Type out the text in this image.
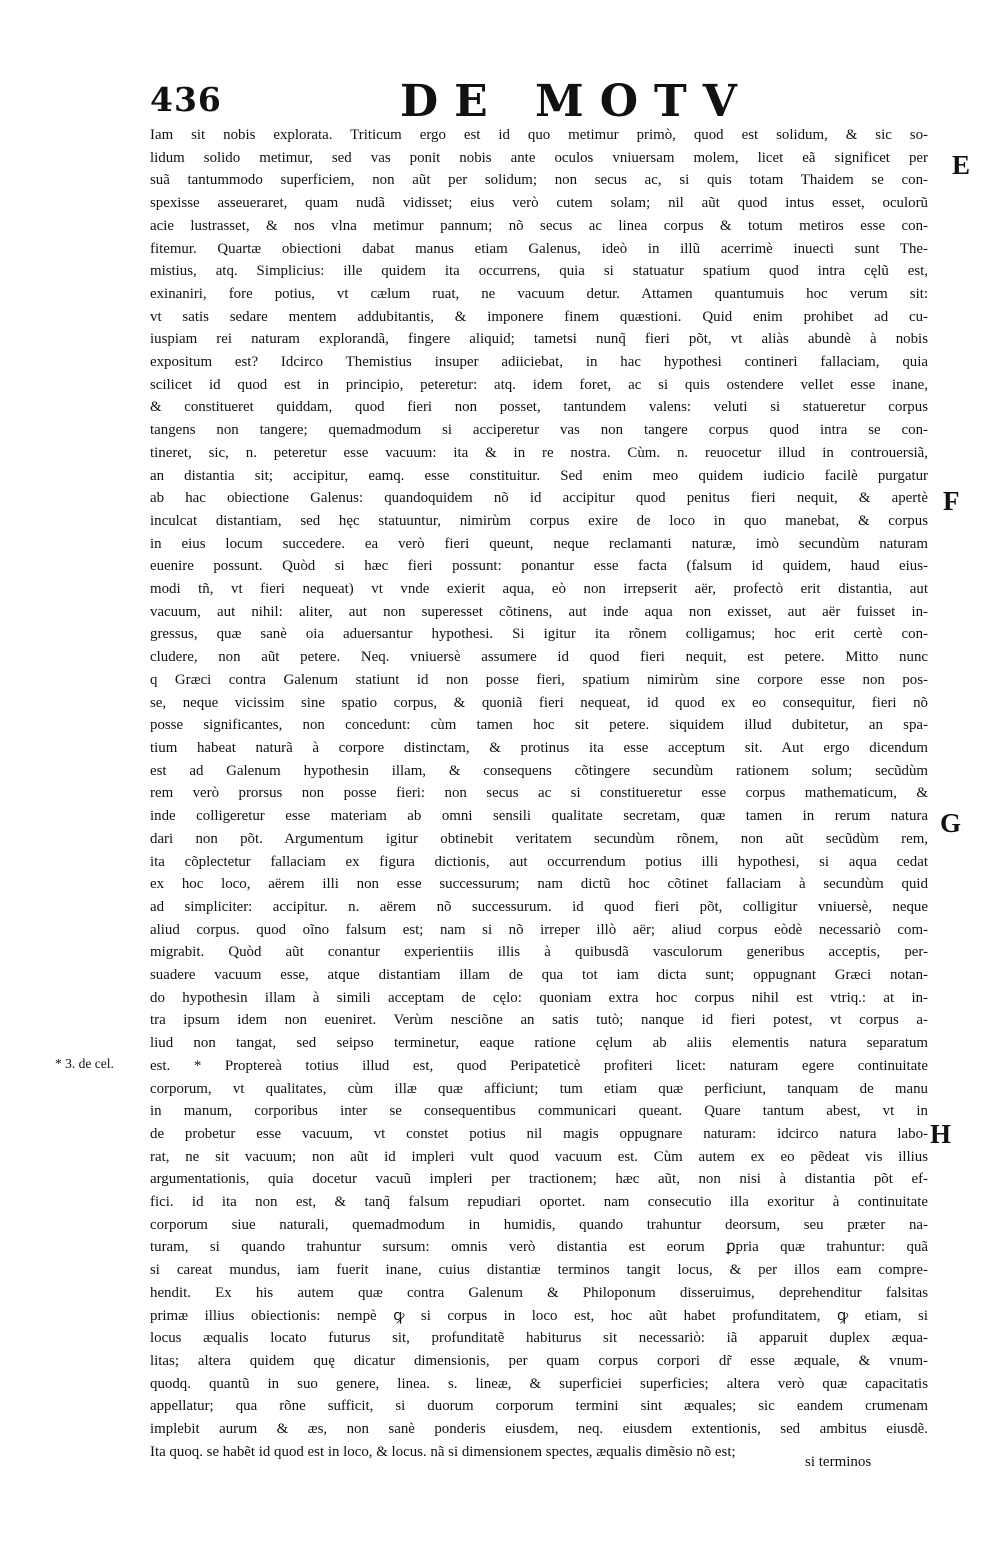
436	DE MOTV
Iam sit nobis explorata. Triticum ergo est id quo metimur primò, quod est solidum, & sic so-
lidum solido metimur, sed vas ponit nobis ante oculos vniuersam molem, licet eã significet per
suã tantummodo superficiem, non aũt per solidum; non secus ac, si quis totam Thaidem se con-
spexisse asseueraret, quam nudã vidisset; eius verò cutem solam; nil aũt quod intus esset, oculorũ
acie lustrasset, & nos vlna metimur pannum; nõ secus ac linea corpus & totum metiros esse con-
fitemur. Quartæ obiectioni dabat manus etiam Galenus, ideò in illũ acerrimè inuecti sunt The-
mistius, atq. Simplicius: ille quidem ita occurrens, quia si statuatur spatium quod intra cęlũ est,
exinaniri, fore potius, vt cælum ruat, ne vacuum detur. Attamen quantumuis hoc verum sit:
vt satis sedare mentem addubitantis, & imponere finem quæstioni. Quid enim prohibet ad cu-
iuspiam rei naturam explorandã, fingere aliquid; tametsi nunq̃ fieri põt, vt aliàs abundè à nobis
expositum est? Idcirco Themistius insuper adiiciebat, in hac hypothesi contineri fallaciam, quia
scilicet id quod est in principio, peteretur: atq. idem foret, ac si quis ostendere vellet esse inane,
& constitueret quiddam, quod fieri non posset, tantundem valens: veluti si statueretur corpus
tangens non tangere; quemadmodum si acciperetur vas non tangere corpus quod intra se con-
tineret, sic, n. peteretur esse vacuum: ita & in re nostra. Cùm. n. reuocetur illud in controuersiã,
an distantia sit; accipitur, eamq. esse constituitur. Sed enim meo quidem iudicio facilè purgatur
ab hac obiectione Galenus: quandoquidem nõ id accipitur quod penitus fieri nequit, & apertè
inculcat distantiam, sed hęc statuuntur, nimirùm corpus exire de loco in quo manebat, & corpus
in eius locum succedere. ea verò fieri queunt, neque reclamanti naturæ, imò secundùm naturam
euenire possunt. Quòd si hæc fieri possunt: ponantur esse facta (falsum id quidem, haud eius-
modi tñ, vt fieri nequeat) vt vnde exierit aqua, eò non irrepserit aër, profectò erit distantia, aut
vacuum, aut nihil: aliter, aut non superesset cõtinens, aut inde aqua non exisset, aut aër fuisset in-
gressus, quæ sanè oia aduersantur hypothesi. Si igitur ita rõnem colligamus; hoc erit certè con-
cludere, non aũt petere. Neq. vniuersè assumere id quod fieri nequit, est petere. Mitto nunc
q Græci contra Galenum statiunt id non posse fieri, spatium nimirùm sine corpore esse non pos-
se, neque vicissim sine spatio corpus, & quoniã fieri nequeat, id quod ex eo consequitur, fieri nõ
posse significantes, non concedunt: cùm tamen hoc sit petere. siquidem illud dubitetur, an spa-
tium habeat naturã à corpore distinctam, & protinus ita esse acceptum sit. Aut ergo dicendum
est ad Galenum hypothesin illam, & consequens cõtingere secundùm rationem solum; secũdùm
rem verò prorsus non posse fieri: non secus ac si constitueretur esse corpus mathematicum, &
inde colligeretur esse materiam ab omni sensili qualitate secretam, quæ tamen in rerum natura
dari non põt. Argumentum igitur obtinebit veritatem secundùm rõnem, non aũt secũdùm rem,
ita cõplectetur fallaciam ex figura dictionis, aut occurrendum potius illi hypothesi, si aqua cedat
ex hoc loco, aërem illi non esse successurum; nam dictũ hoc cõtinet fallaciam à secundùm quid
ad simpliciter: accipitur. n. aërem nõ successurum. id quod fieri põt, colligitur vniuersè, neque
aliud corpus. quod oĩno falsum est; nam si nõ irreper illò aër; aliud corpus eòdè necessariò com-
migrabit. Quòd aũt conantur experientiis illis à quibusdã vasculorum generibus acceptis, per-
suadere vacuum esse, atque distantiam illam de qua tot iam dicta sunt; oppugnant Græci notan-
do hypothesin illam à simili acceptam de cęlo: quoniam extra hoc corpus nihil est vtriq.: at in-
tra ipsum idem non eueniret. Verùm nesciõne an satis tutò; nanque id fieri potest, vt corpus a-
liud non tangat, sed seipso terminetur, eaque ratione cęlum ab aliis elementis natura separatum
est. * Proptereà totius illud est, quod Peripateticè profiteri licet: naturam egere continuitate
corporum, vt qualitates, cùm illæ quæ afficiunt; tum etiam quæ perficiunt, tanquam de manu
in manum, corporibus inter se consequentibus communicari queant. Quare tantum abest, vt in
de probetur esse vacuum, vt constet potius nil magis oppugnare naturam: idcirco natura labo-
rat, ne sit vacuum; non aũt id impleri vult quod vacuum est. Cùm autem ex eo pẽdeat vis illius
argumentationis, quia docetur vacuũ impleri per tractionem; hæc aũt, non nisi à distantia põt ef-
fici. id ita non est, & tanq̃ falsum repudiari oportet. nam consecutio illa exoritur à continuitate
corporum siue naturali, quemadmodum in humidis, quando trahuntur deorsum, seu præter na-
turam, si quando trahuntur sursum: omnis verò distantia est eorum ꝑpria quæ trahuntur: quã
si careat mundus, iam fuerit inane, cuius distantiæ terminos tangit locus, & per illos eam compre-
hendit. Ex his autem quæ contra Galenum & Philoponum disseruimus, deprehenditur falsitas
primæ illius obiectionis: nempè ꝙ si corpus in loco est, hoc aũt habet profunditatem, ꝙ etiam, si
locus æqualis locato futurus sit, profunditatẽ habiturus sit necessariò: iã apparuit duplex æqua-
litas; altera quidem quę dicatur dimensionis, per quam corpus corpori dr̃ esse æquale, & vnum-
quodq. quantũ in suo genere, linea. s. lineæ, & superficiei superficies; altera verò quæ capacitatis
appellatur; qua rõne sufficit, si duorum corporum termini sint æquales; sic eandem crumenam
implebit aurum & æs, non sanè ponderis eiusdem, neq. eiusdem extentionis, sed ambitus eiusdẽ.
Ita quoq. se habẽt id quod est in loco, & locus. nã si dimensionem spectes, æqualis dimẽsio nõ est;
E
F
G
H
* 3. de cel.
si terminos
